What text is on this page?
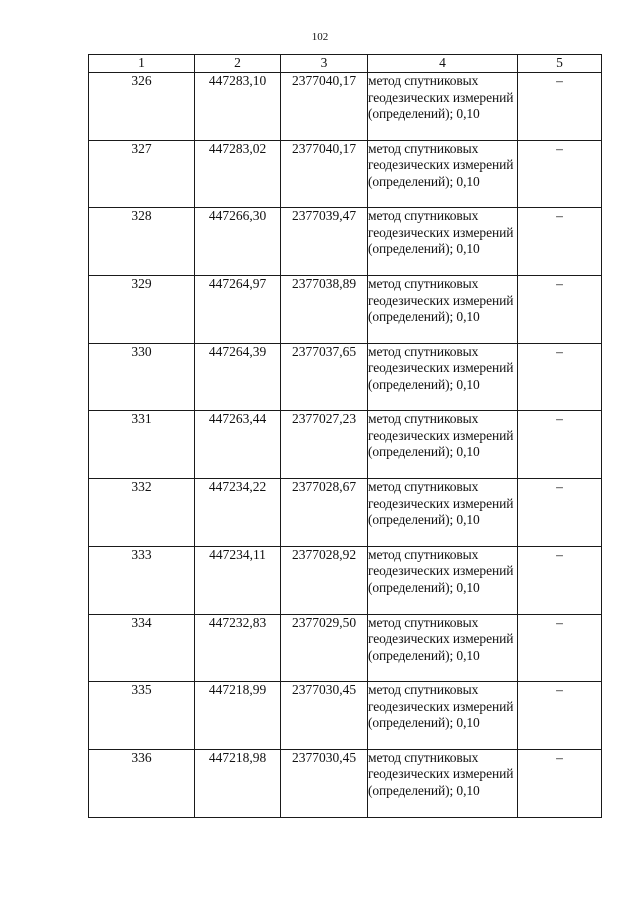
102
1	2	3	4	5
326	447283,10	2377040,17	метод спутниковых геодезических измерений (определений); 0,10	–
327	447283,02	2377040,17	метод спутниковых геодезических измерений (определений); 0,10	–
328	447266,30	2377039,47	метод спутниковых геодезических измерений (определений); 0,10	–
329	447264,97	2377038,89	метод спутниковых геодезических измерений (определений); 0,10	–
330	447264,39	2377037,65	метод спутниковых геодезических измерений (определений); 0,10	–
331	447263,44	2377027,23	метод спутниковых геодезических измерений (определений); 0,10	–
332	447234,22	2377028,67	метод спутниковых геодезических измерений (определений); 0,10	–
333	447234,11	2377028,92	метод спутниковых геодезических измерений (определений); 0,10	–
334	447232,83	2377029,50	метод спутниковых геодезических измерений (определений); 0,10	–
335	447218,99	2377030,45	метод спутниковых геодезических измерений (определений); 0,10	–
336	447218,98	2377030,45	метод спутниковых геодезических измерений (определений); 0,10	–
